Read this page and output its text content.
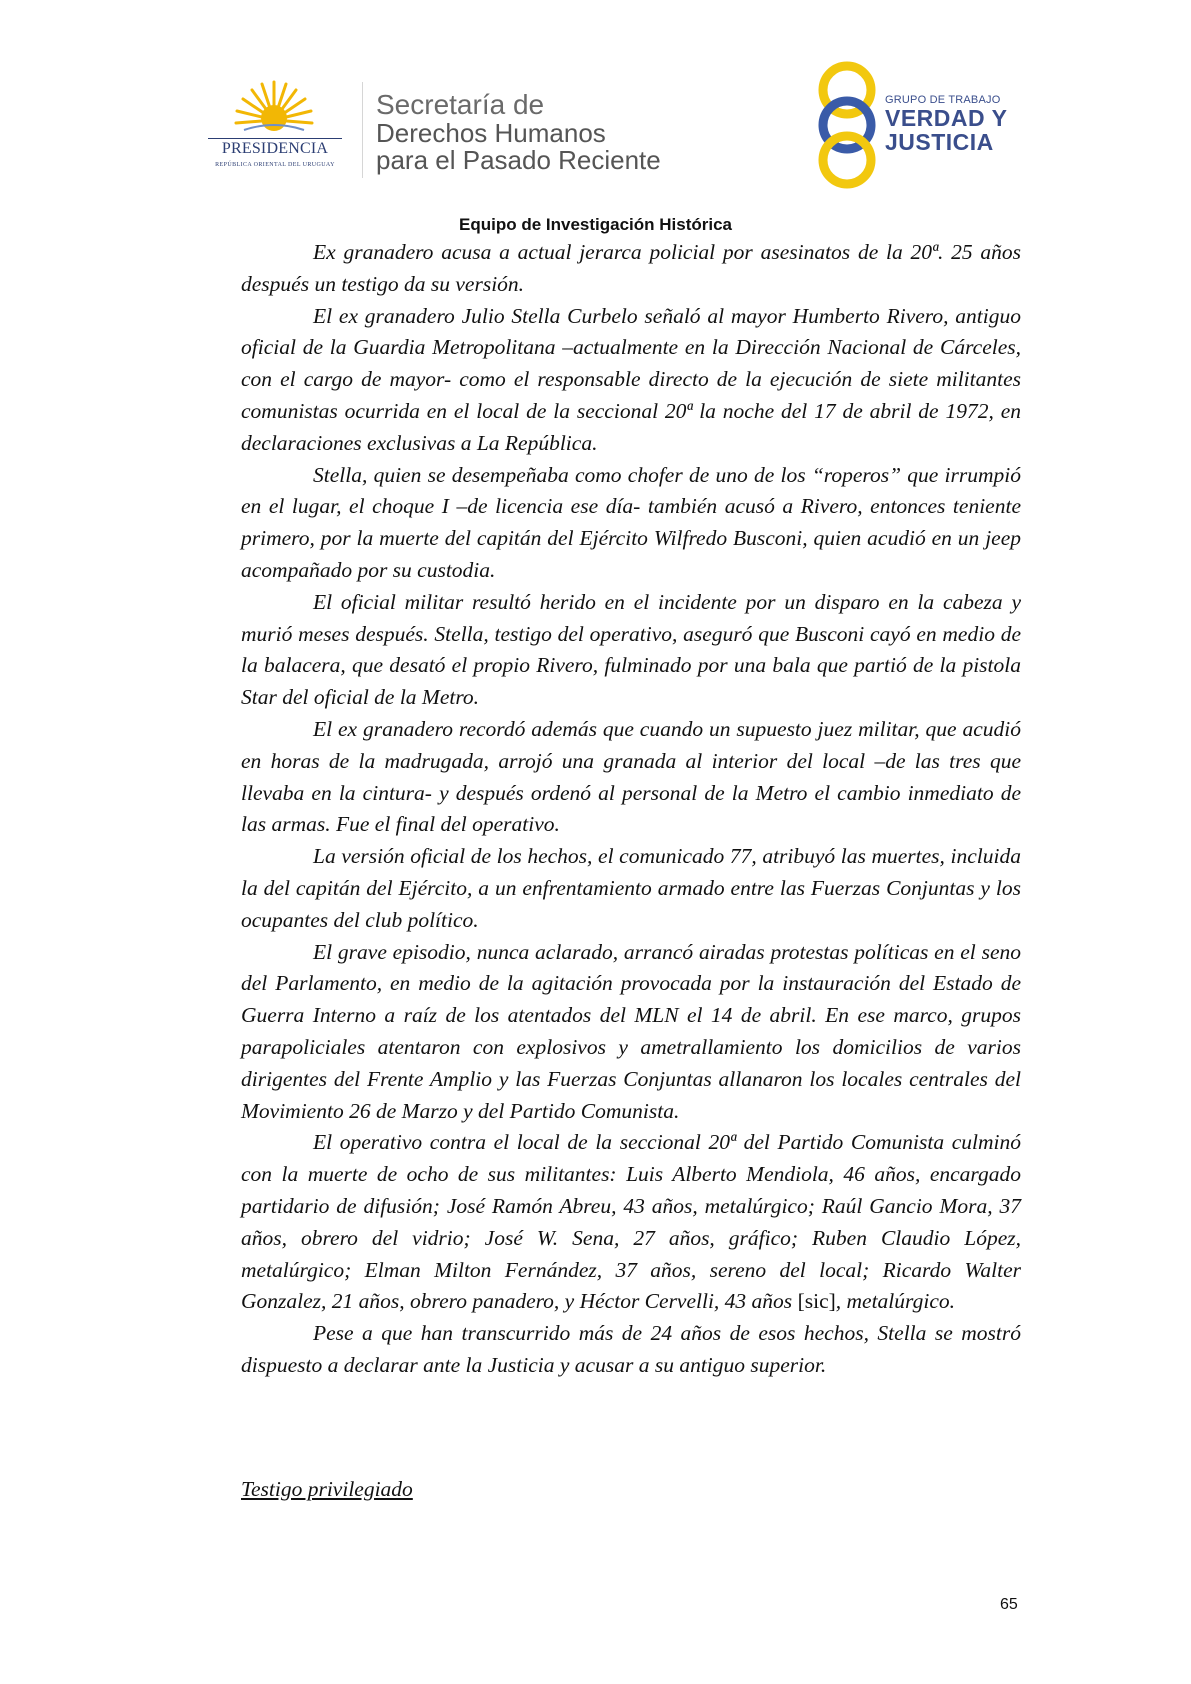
PRESIDENCIA
REPÚBLICA ORIENTAL DEL URUGUAY
Secretaría de
Derechos Humanos
para el Pasado Reciente
GRUPO DE TRABAJO
VERDAD Y
JUSTICIA
Equipo de Investigación Histórica

Ex granadero acusa a actual jerarca policial por asesinatos de la 20ª. 25 años después un testigo da su versión.

El ex granadero Julio Stella Curbelo señaló al mayor Humberto Rivero, antiguo oficial de la Guardia Metropolitana –actualmente en la Dirección Nacional de Cárceles, con el cargo de mayor- como el responsable directo de la ejecución de siete militantes comunistas ocurrida en el local de la seccional 20ª la noche del 17 de abril de 1972, en declaraciones exclusivas a La República.

Stella, quien se desempeñaba como chofer de uno de los “roperos” que irrumpió en el lugar, el choque I –de licencia ese día- también acusó a Rivero, entonces teniente primero, por la muerte del capitán del Ejército Wilfredo Busconi, quien acudió en un jeep acompañado por su custodia.

El oficial militar resultó herido en el incidente por un disparo en la cabeza y murió meses después. Stella, testigo del operativo, aseguró que Busconi cayó en medio de la balacera, que desató el propio Rivero, fulminado por una bala que partió de la pistola Star del oficial de la Metro.

El ex granadero recordó además que cuando un supuesto juez militar, que acudió en horas de la madrugada, arrojó una granada al interior del local –de las tres que llevaba en la cintura- y después ordenó al personal de la Metro el cambio inmediato de las armas. Fue el final del operativo.

La versión oficial de los hechos, el comunicado 77, atribuyó las muertes, incluida la del capitán del Ejército, a un enfrentamiento armado entre las Fuerzas Conjuntas y los ocupantes del club político.

El grave episodio, nunca aclarado, arrancó airadas protestas políticas en el seno del Parlamento, en medio de la agitación provocada por la instauración del Estado de Guerra Interno a raíz de los atentados del MLN el 14 de abril. En ese marco, grupos parapoliciales atentaron con explosivos y ametrallamiento los domicilios de varios dirigentes del Frente Amplio y las Fuerzas Conjuntas allanaron los locales centrales del Movimiento 26 de Marzo y del Partido Comunista.

El operativo contra el local de la seccional 20ª del Partido Comunista culminó con la muerte de ocho de sus militantes: Luis Alberto Mendiola, 46 años, encargado partidario de difusión; José Ramón Abreu, 43 años, metalúrgico; Raúl Gancio Mora, 37 años, obrero del vidrio; José W. Sena, 27 años, gráfico; Ruben Claudio López, metalúrgico; Elman Milton Fernández, 37 años, sereno del local; Ricardo Walter Gonzalez, 21 años, obrero panadero, y Héctor Cervelli, 43 años [sic], metalúrgico.

Pese a que han transcurrido más de 24 años de esos hechos, Stella se mostró dispuesto a declarar ante la Justicia y acusar a su antiguo superior.

Testigo privilegiado
65
